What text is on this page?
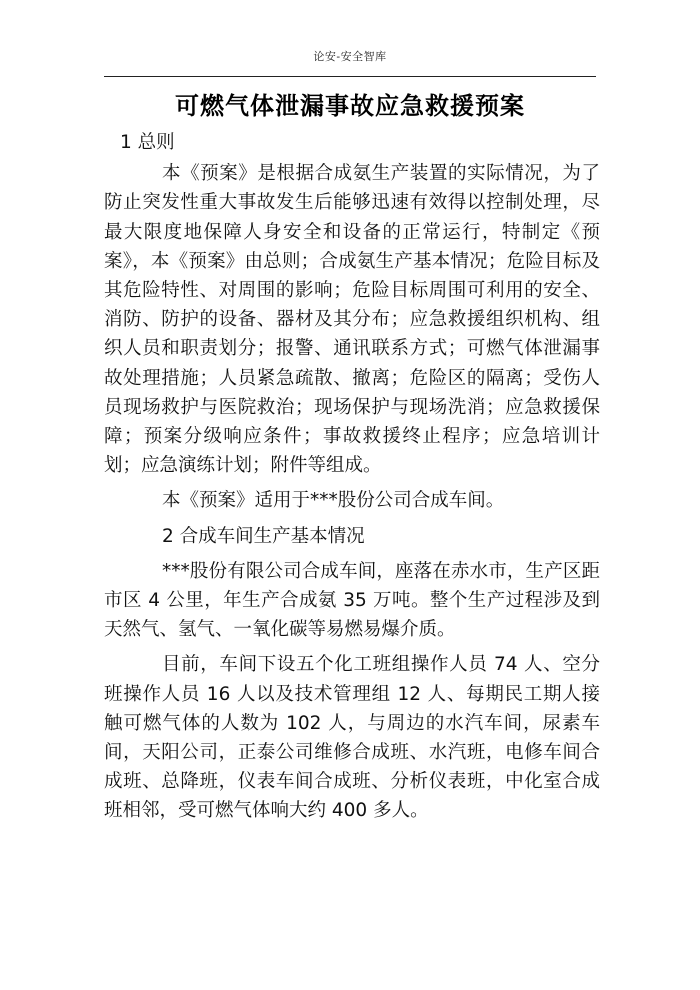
论安-安全智库
可燃气体泄漏事故应急救援预案

1 总则

本《预案》是根据合成氨生产装置的实际情况，为了防止突发性重大事故发生后能够迅速有效得以控制处理，尽最大限度地保障人身安全和设备的正常运行，特制定《预案》，本《预案》由总则；合成氨生产基本情况；危险目标及其危险特性、对周围的影响；危险目标周围可利用的安全、消防、防护的设备、器材及其分布；应急救援组织机构、组织人员和职责划分；报警、通讯联系方式；可燃气体泄漏事故处理措施；人员紧急疏散、撤离；危险区的隔离；受伤人员现场救护与医院救治；现场保护与现场洗消；应急救援保障；预案分级响应条件；事故救援终止程序；应急培训计划；应急演练计划；附件等组成。

本《预案》适用于***股份公司合成车间。

2 合成车间生产基本情况

***股份有限公司合成车间，座落在赤水市，生产区距市区 4 公里，年生产合成氨 35 万吨。整个生产过程涉及到天然气、氢气、一氧化碳等易燃易爆介质。

目前，车间下设五个化工班组操作人员 74 人、空分班操作人员 16 人以及技术管理组 12 人、每期民工期人接触可燃气体的人数为 102 人，与周边的水汽车间，尿素车间，天阳公司，正泰公司维修合成班、水汽班，电修车间合成班、总降班，仪表车间合成班、分析仪表班，中化室合成班相邻，受可燃气体响大约 400 多人。
